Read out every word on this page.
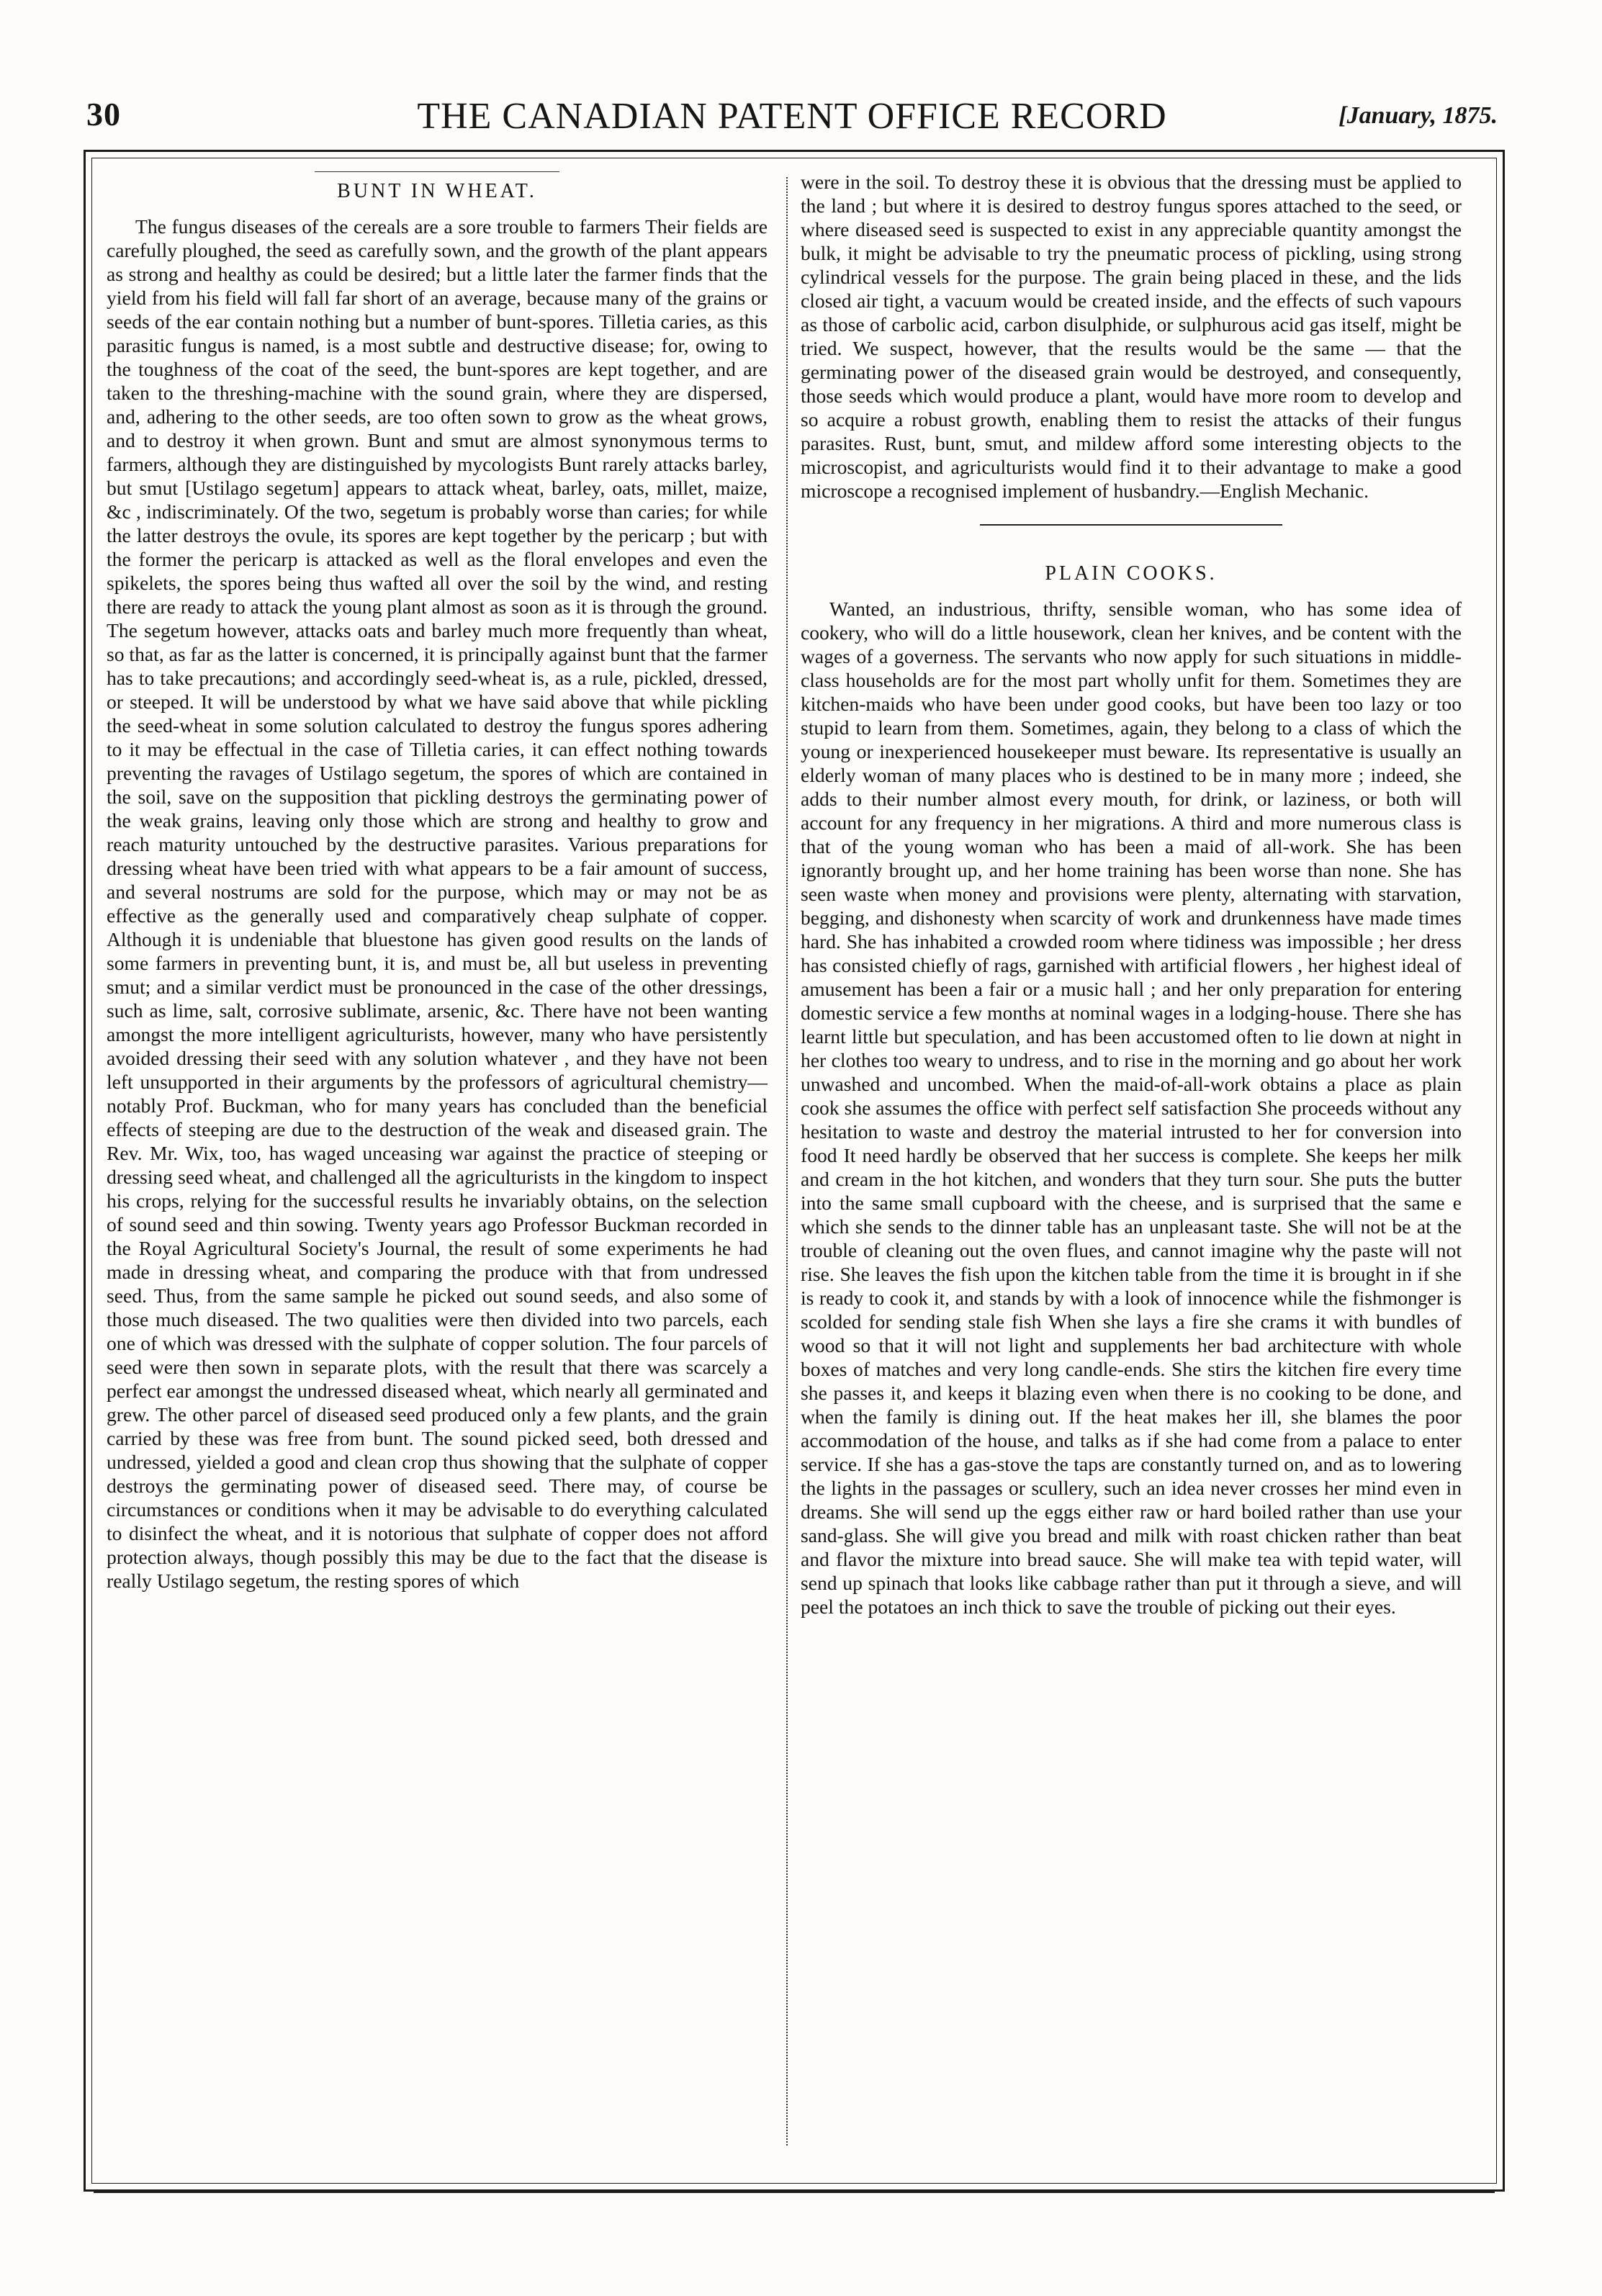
30	THE CANADIAN PATENT OFFICE RECORD	[January, 1875.
BUNT IN WHEAT.

The fungus diseases of the cereals are a sore trouble to farmers Their fields are carefully ploughed, the seed as carefully sown, and the growth of the plant appears as strong and healthy as could be desired; but a little later the farmer finds that the yield from his field will fall far short of an average, because many of the grains or seeds of the ear contain nothing but a number of bunt-spores. Tilletia caries, as this parasitic fungus is named, is a most subtle and destructive disease; for, owing to the toughness of the coat of the seed, the bunt-spores are kept together, and are taken to the threshing-machine with the sound grain, where they are dispersed, and, adhering to the other seeds, are too often sown to grow as the wheat grows, and to destroy it when grown. Bunt and smut are almost synonymous terms to farmers, although they are distinguished by mycologists Bunt rarely attacks barley, but smut [Ustilago segetum] appears to attack wheat, barley, oats, millet, maize, &c , indiscriminately. Of the two, segetum is probably worse than caries; for while the latter destroys the ovule, its spores are kept together by the pericarp ; but with the former the pericarp is attacked as well as the floral envelopes and even the spikelets, the spores being thus wafted all over the soil by the wind, and resting there are ready to attack the young plant almost as soon as it is through the ground. The segetum however, attacks oats and barley much more frequently than wheat, so that, as far as the latter is concerned, it is principally against bunt that the farmer has to take precautions; and accordingly seed-wheat is, as a rule, pickled, dressed, or steeped. It will be understood by what we have said above that while pickling the seed-wheat in some solution calculated to destroy the fungus spores adhering to it may be effectual in the case of Tilletia caries, it can effect nothing towards preventing the ravages of Ustilago segetum, the spores of which are contained in the soil, save on the supposition that pickling destroys the germinating power of the weak grains, leaving only those which are strong and healthy to grow and reach maturity untouched by the destructive parasites. Various preparations for dressing wheat have been tried with what appears to be a fair amount of success, and several nostrums are sold for the purpose, which may or may not be as effective as the generally used and comparatively cheap sulphate of copper. Although it is undeniable that bluestone has given good results on the lands of some farmers in preventing bunt, it is, and must be, all but useless in preventing smut; and a similar verdict must be pronounced in the case of the other dressings, such as lime, salt, corrosive sublimate, arsenic, &c. There have not been wanting amongst the more intelligent agriculturists, however, many who have persistently avoided dressing their seed with any solution whatever , and they have not been left unsupported in their arguments by the professors of agricultural chemistry—notably Prof. Buckman, who for many years has concluded than the beneficial effects of steeping are due to the destruction of the weak and diseased grain. The Rev. Mr. Wix, too, has waged unceasing war against the practice of steeping or dressing seed wheat, and challenged all the agriculturists in the kingdom to inspect his crops, relying for the successful results he invariably obtains, on the selection of sound seed and thin sowing. Twenty years ago Professor Buckman recorded in the Royal Agricultural Society's Journal, the result of some experiments he had made in dressing wheat, and comparing the produce with that from undressed seed. Thus, from the same sample he picked out sound seeds, and also some of those much diseased. The two qualities were then divided into two parcels, each one of which was dressed with the sulphate of copper solution. The four parcels of seed were then sown in separate plots, with the result that there was scarcely a perfect ear amongst the undressed diseased wheat, which nearly all germinated and grew. The other parcel of diseased seed produced only a few plants, and the grain carried by these was free from bunt. The sound picked seed, both dressed and undressed, yielded a good and clean crop thus showing that the sulphate of copper destroys the germinating power of diseased seed. There may, of course be circumstances or conditions when it may be advisable to do everything calculated to disinfect the wheat, and it is notorious that sulphate of copper does not afford protection always, though possibly this may be due to the fact that the disease is really Ustilago segetum, the resting spores of which

were in the soil. To destroy these it is obvious that the dressing must be applied to the land ; but where it is desired to destroy fungus spores attached to the seed, or where diseased seed is suspected to exist in any appreciable quantity amongst the bulk, it might be advisable to try the pneumatic process of pickling, using strong cylindrical vessels for the purpose. The grain being placed in these, and the lids closed air tight, a vacuum would be created inside, and the effects of such vapours as those of carbolic acid, carbon disulphide, or sulphurous acid gas itself, might be tried. We suspect, however, that the results would be the same — that the germinating power of the diseased grain would be destroyed, and consequently, those seeds which would produce a plant, would have more room to develop and so acquire a robust growth, enabling them to resist the attacks of their fungus parasites. Rust, bunt, smut, and mildew afford some interesting objects to the microscopist, and agriculturists would find it to their advantage to make a good microscope a recognised implement of husbandry.—English Mechanic.

PLAIN COOKS.

Wanted, an industrious, thrifty, sensible woman, who has some idea of cookery, who will do a little housework, clean her knives, and be content with the wages of a governess. The servants who now apply for such situations in middle-class households are for the most part wholly unfit for them. Sometimes they are kitchen-maids who have been under good cooks, but have been too lazy or too stupid to learn from them. Sometimes, again, they belong to a class of which the young or inexperienced housekeeper must beware. Its representative is usually an elderly woman of many places who is destined to be in many more ; indeed, she adds to their number almost every mouth, for drink, or laziness, or both will account for any frequency in her migrations. A third and more numerous class is that of the young woman who has been a maid of all-work. She has been ignorantly brought up, and her home training has been worse than none. She has seen waste when money and provisions were plenty, alternating with starvation, begging, and dishonesty when scarcity of work and drunkenness have made times hard. She has inhabited a crowded room where tidiness was impossible ; her dress has consisted chiefly of rags, garnished with artificial flowers , her highest ideal of amusement has been a fair or a music hall ; and her only preparation for entering domestic service a few months at nominal wages in a lodging-house. There she has learnt little but speculation, and has been accustomed often to lie down at night in her clothes too weary to undress, and to rise in the morning and go about her work unwashed and uncombed. When the maid-of-all-work obtains a place as plain cook she assumes the office with perfect self satisfaction She proceeds without any hesitation to waste and destroy the material intrusted to her for conversion into food It need hardly be observed that her success is complete. She keeps her milk and cream in the hot kitchen, and wonders that they turn sour. She puts the butter into the same small cupboard with the cheese, and is surprised that the same e which she sends to the dinner table has an unpleasant taste. She will not be at the trouble of cleaning out the oven flues, and cannot imagine why the paste will not rise. She leaves the fish upon the kitchen table from the time it is brought in if she is ready to cook it, and stands by with a look of innocence while the fishmonger is scolded for sending stale fish When she lays a fire she crams it with bundles of wood so that it will not light and supplements her bad architecture with whole boxes of matches and very long candle-ends. She stirs the kitchen fire every time she passes it, and keeps it blazing even when there is no cooking to be done, and when the family is dining out. If the heat makes her ill, she blames the poor accommodation of the house, and talks as if she had come from a palace to enter service. If she has a gas-stove the taps are constantly turned on, and as to lowering the lights in the passages or scullery, such an idea never crosses her mind even in dreams. She will send up the eggs either raw or hard boiled rather than use your sand-glass. She will give you bread and milk with roast chicken rather than beat and flavor the mixture into bread sauce. She will make tea with tepid water, will send up spinach that looks like cabbage rather than put it through a sieve, and will peel the potatoes an inch thick to save the trouble of picking out their eyes.
